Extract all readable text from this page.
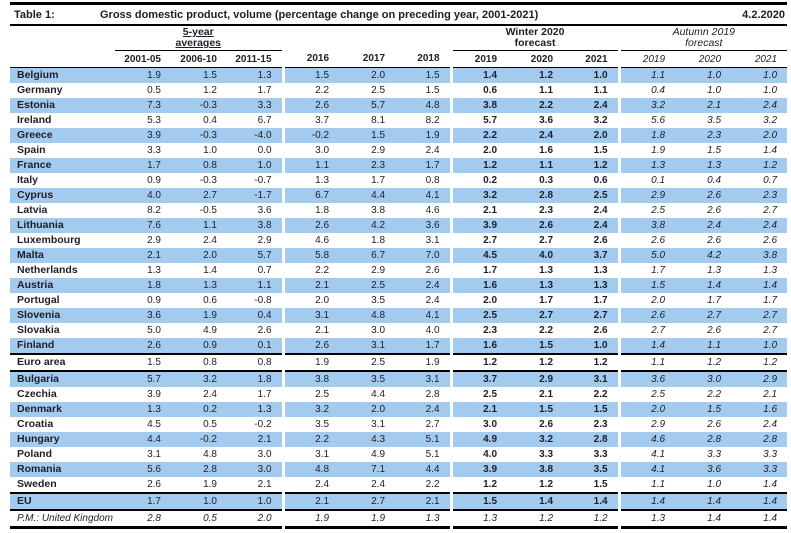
Table 1:	Gross domestic product, volume (percentage change on preceding year, 2001-2021)	4.2.2020

5-year
averages

Winter 2020
forecast

Autumn 2019
forecast

	2001-05	2006-10	2011-15	2016	2017	2018	2019	2020	2021	2019	2020	2021
Belgium	1.9	1.5	1.3	1.5	2.0	1.5	1.4	1.2	1.0	1.1	1.0	1.0
Germany	0.5	1.2	1.7	2.2	2.5	1.5	0.6	1.1	1.1	0.4	1.0	1.0
Estonia	7.3	-0.3	3.3	2.6	5.7	4.8	3.8	2.2	2.4	3.2	2.1	2.4
Ireland	5.3	0.4	6.7	3.7	8.1	8.2	5.7	3.6	3.2	5.6	3.5	3.2
Greece	3.9	-0.3	-4.0	-0.2	1.5	1.9	2.2	2.4	2.0	1.8	2.3	2.0
Spain	3.3	1.0	0.0	3.0	2.9	2.4	2.0	1.6	1.5	1.9	1.5	1.4
France	1.7	0.8	1.0	1.1	2.3	1.7	1.2	1.1	1.2	1.3	1.3	1.2
Italy	0.9	-0.3	-0.7	1.3	1.7	0.8	0.2	0.3	0.6	0.1	0.4	0.7
Cyprus	4.0	2.7	-1.7	6.7	4.4	4.1	3.2	2.8	2.5	2.9	2.6	2.3
Latvia	8.2	-0.5	3.6	1.8	3.8	4.6	2.1	2.3	2.4	2.5	2.6	2.7
Lithuania	7.6	1.1	3.8	2.6	4.2	3.6	3.9	2.6	2.4	3.8	2.4	2.4
Luxembourg	2.9	2.4	2.9	4.6	1.8	3.1	2.7	2.7	2.6	2.6	2.6	2.6
Malta	2.1	2.0	5.7	5.8	6.7	7.0	4.5	4.0	3.7	5.0	4.2	3.8
Netherlands	1.3	1.4	0.7	2.2	2.9	2.6	1.7	1.3	1.3	1.7	1.3	1.3
Austria	1.8	1.3	1.1	2.1	2.5	2.4	1.6	1.3	1.3	1.5	1.4	1.4
Portugal	0.9	0.6	-0.8	2.0	3.5	2.4	2.0	1.7	1.7	2.0	1.7	1.7
Slovenia	3.6	1.9	0.4	3.1	4.8	4.1	2.5	2.7	2.7	2.6	2.7	2.7
Slovakia	5.0	4.9	2.6	2.1	3.0	4.0	2.3	2.2	2.6	2.7	2.6	2.7
Finland	2.6	0.9	0.1	2.6	3.1	1.7	1.6	1.5	1.0	1.4	1.1	1.0
Euro area	1.5	0.8	0.8	1.9	2.5	1.9	1.2	1.2	1.2	1.1	1.2	1.2
Bulgaria	5.7	3.2	1.8	3.8	3.5	3.1	3.7	2.9	3.1	3.6	3.0	2.9
Czechia	3.9	2.4	1.7	2.5	4.4	2.8	2.5	2.1	2.2	2.5	2.2	2.1
Denmark	1.3	0.2	1.3	3.2	2.0	2.4	2.1	1.5	1.5	2.0	1.5	1.6
Croatia	4.5	0.5	-0.2	3.5	3.1	2.7	3.0	2.6	2.3	2.9	2.6	2.4
Hungary	4.4	-0.2	2.1	2.2	4.3	5.1	4.9	3.2	2.8	4.6	2.8	2.8
Poland	3.1	4.8	3.0	3.1	4.9	5.1	4.0	3.3	3.3	4.1	3.3	3.3
Romania	5.6	2.8	3.0	4.8	7.1	4.4	3.9	3.8	3.5	4.1	3.6	3.3
Sweden	2.6	1.9	2.1	2.4	2.4	2.2	1.2	1.2	1.5	1.1	1.0	1.4
EU	1.7	1.0	1.0	2.1	2.7	2.1	1.5	1.4	1.4	1.4	1.4	1.4
P.M.: United Kingdom	2.8	0.5	2.0	1.9	1.9	1.3	1.3	1.2	1.2	1.3	1.4	1.4
